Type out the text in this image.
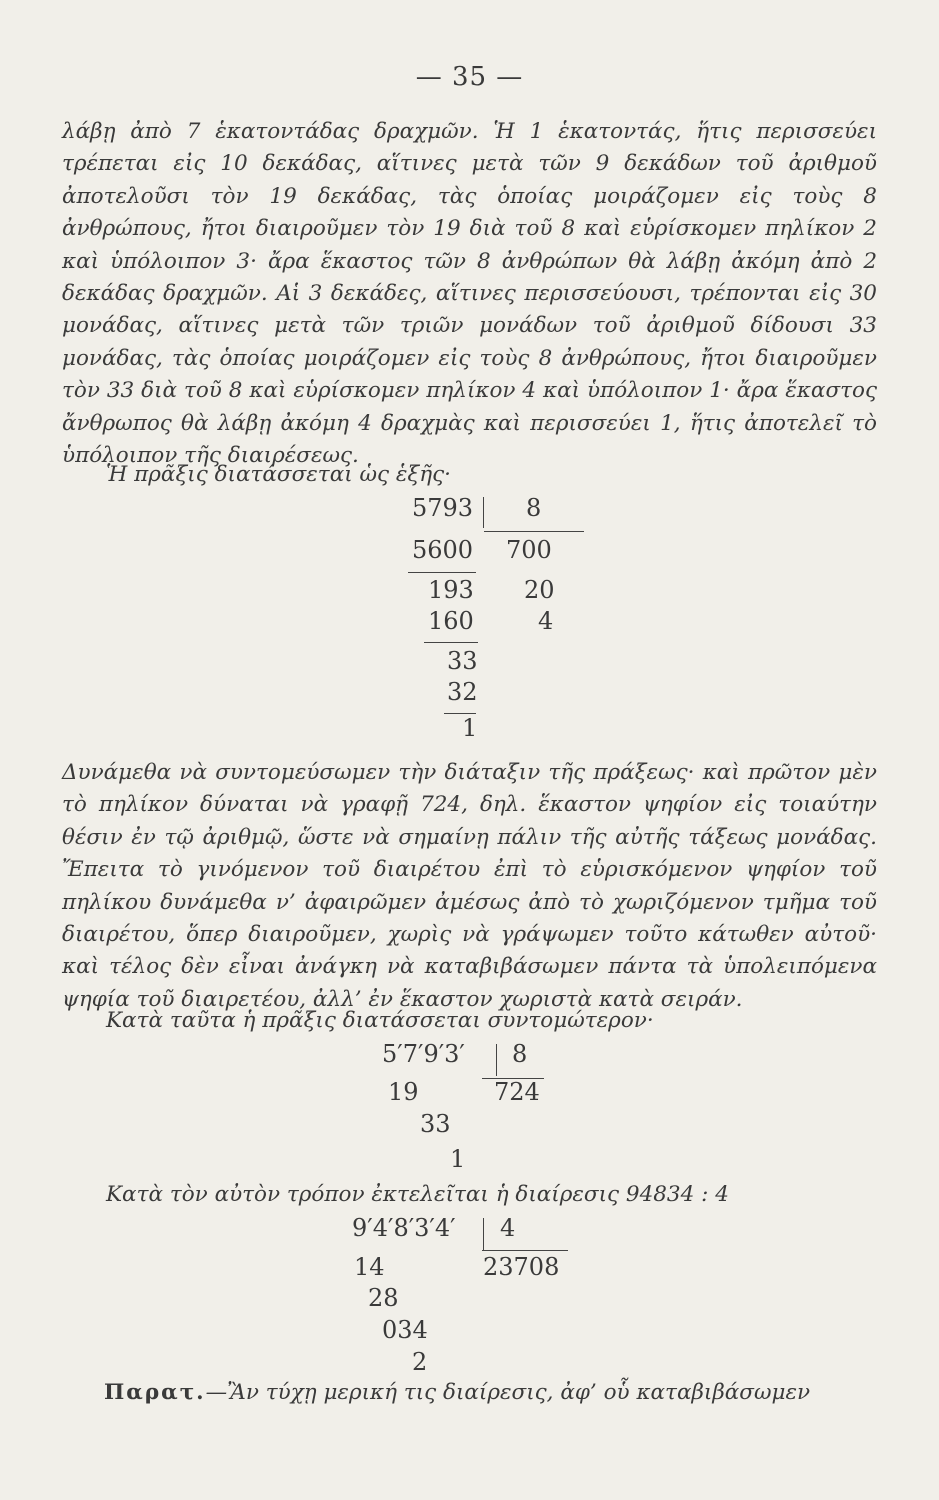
— 35 —
λάβῃ ἀπὸ 7 ἑκατοντάδας δραχμῶν. Ἡ 1 ἑκατοντάς, ἥτις περισσεύει τρέπεται εἰς 10 δεκάδας, αἵτινες μετὰ τῶν 9 δεκάδων τοῦ ἀριθμοῦ ἀποτελοῦσι τὸν 19 δεκάδας, τὰς ὁποίας μοιράζομεν εἰς τοὺς 8 ἀνθρώπους, ἤτοι διαιροῦμεν τὸν 19 διὰ τοῦ 8 καὶ εὑρίσκομεν πηλίκον 2 καὶ ὑπόλοιπον 3· ἄρα ἕκαστος τῶν 8 ἀνθρώπων θὰ λάβῃ ἀκόμη ἀπὸ 2 δεκάδας δραχμῶν. Αἱ 3 δεκάδες, αἵτινες περισσεύουσι, τρέπονται εἰς 30 μονάδας, αἵτινες μετὰ τῶν τριῶν μονάδων τοῦ ἀριθμοῦ δίδουσι 33 μονάδας, τὰς ὁποίας μοιράζομεν εἰς τοὺς 8 ἀνθρώπους, ἤτοι διαιροῦμεν τὸν 33 διὰ τοῦ 8 καὶ εὑρίσκομεν πηλίκον 4 καὶ ὑπόλοιπον 1· ἄρα ἕκαστος ἄνθρωπος θὰ λάβῃ ἀκόμη 4 δραχμὰς καὶ περισσεύει 1, ἥτις ἀποτελεῖ τὸ ὑπόλοιπον τῆς διαιρέσεως.
Ἡ πρᾶξις διατάσσεται ὡς ἑξῆς·
5793 8
5600 700
193 20
160	4
33
32
1
Δυνάμεθα νὰ συντομεύσωμεν τὴν διάταξιν τῆς πράξεως· καὶ πρῶτον μὲν τὸ πηλίκον δύναται νὰ γραφῇ 724, δηλ. ἕκαστον ψηφίον εἰς τοιαύτην θέσιν ἐν τῷ ἀριθμῷ, ὥστε νὰ σημαίνῃ πάλιν τῆς αὐτῆς τάξεως μονάδας. Ἔπειτα τὸ γινόμενον τοῦ διαιρέτου ἐπὶ τὸ εὑρισκόμενον ψηφίον τοῦ πηλίκου δυνάμεθα ν’ ἀφαιρῶμεν ἀμέσως ἀπὸ τὸ χωριζόμενον τμῆμα τοῦ διαιρέτου, ὅπερ διαιροῦμεν, χωρὶς νὰ γράψωμεν τοῦτο κάτωθεν αὐτοῦ· καὶ τέλος δὲν εἶναι ἀνάγκη νὰ καταβιβάσωμεν πάντα τὰ ὑπολειπόμενα ψηφία τοῦ διαιρετέου, ἀλλ’ ἐν ἕκαστον χωριστὰ κατὰ σειράν.
Κατὰ ταῦτα ἡ πρᾶξις διατάσσεται συντομώτερον·
5′7′9′3′ 8
19	724
33
1
Κατὰ τὸν αὐτὸν τρόπον ἐκτελεῖται ἡ διαίρεσις 94834 : 4
9′4′8′3′4′ 4
14	23708
28
034
2
Παρατ.—Ἂν τύχῃ μερική τις διαίρεσις, ἀφ’ οὗ καταβιβάσωμεν
